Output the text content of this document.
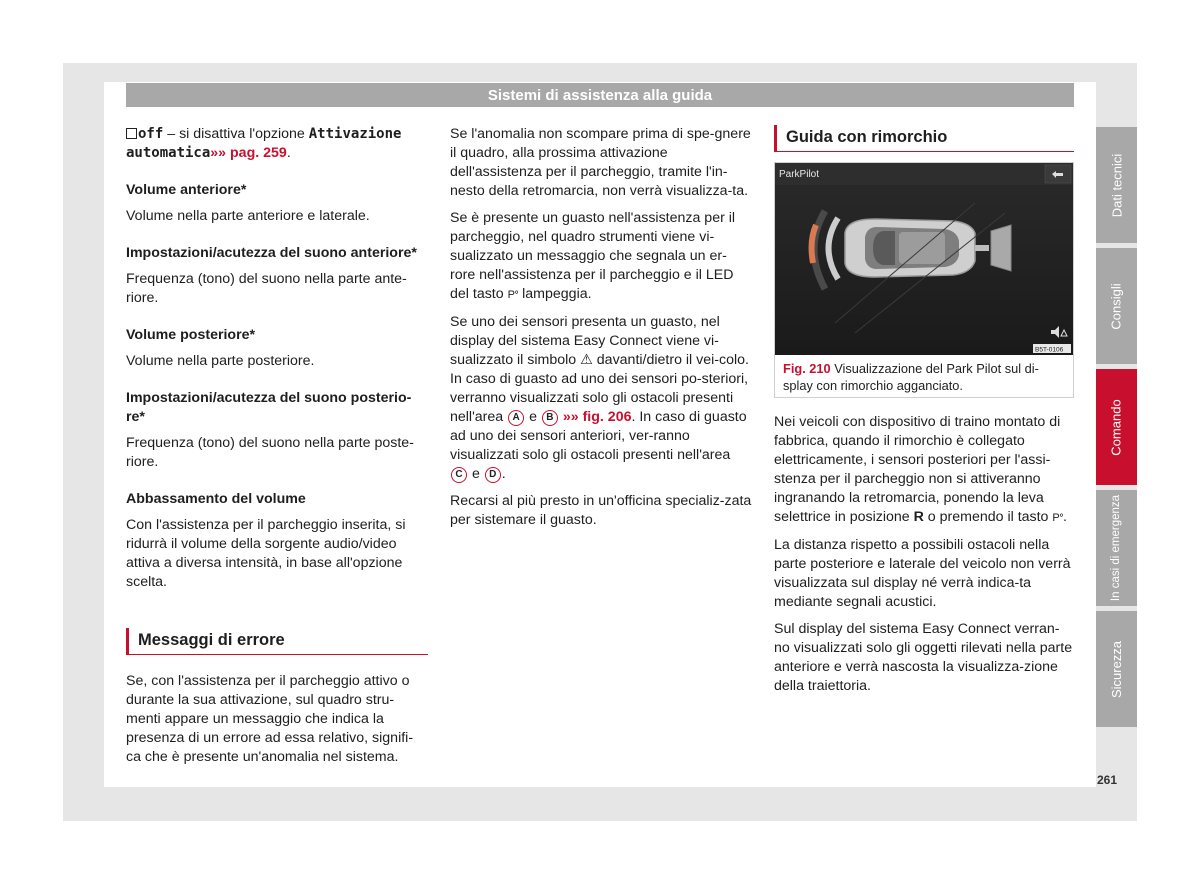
Sistemi di assistenza alla guida

off – si disattiva l'opzione Attivazione automatica»» pag. 259.

Volume anteriore*

Volume nella parte anteriore e laterale.

Impostazioni/acutezza del suono anteriore*

Frequenza (tono) del suono nella parte ante-riore.

Volume posteriore*

Volume nella parte posteriore.

Impostazioni/acutezza del suono posterio-re*

Frequenza (tono) del suono nella parte poste-riore.

Abbassamento del volume

Con l'assistenza per il parcheggio inserita, si ridurrà il volume della sorgente audio/video attiva a diversa intensità, in base all'opzione scelta.

Messaggi di errore

Se, con l'assistenza per il parcheggio attivo o durante la sua attivazione, sul quadro stru-menti appare un messaggio che indica la presenza di un errore ad essa relativo, signifi-ca che è presente un'anomalia nel sistema.

Se l'anomalia non scompare prima di spe-gnere il quadro, alla prossima attivazione dell'assistenza per il parcheggio, tramite l'in-nesto della retromarcia, non verrà visualizza-ta.

Se è presente un guasto nell'assistenza per il parcheggio, nel quadro strumenti viene vi-sualizzato un messaggio che segnala un er-rore nell'assistenza per il parcheggio e il LED del tasto P⁠ᐤ lampeggia.

Se uno dei sensori presenta un guasto, nel display del sistema Easy Connect viene vi-sualizzato il simbolo ⚠ davanti/dietro il vei-colo. In caso di guasto ad uno dei sensori po-steriori, verranno visualizzati solo gli ostacoli presenti nell'area A e B »» fig. 206. In caso di guasto ad uno dei sensori anteriori, ver-ranno visualizzati solo gli ostacoli presenti nell'area C e D .

Recarsi al più presto in un'officina specializ-zata per sistemare il guasto.

Guida con rimorchio
ParkPilot
B5T-0106
Fig. 210 Visualizzazione del Park Pilot sul di-splay con rimorchio agganciato.

Nei veicoli con dispositivo di traino montato di fabbrica, quando il rimorchio è collegato elettricamente, i sensori posteriori per l'assi-stenza per il parcheggio non si attiveranno ingranando la retromarcia, ponendo la leva selettrice in posizione R o premendo il tasto P⁠ᐤ.

La distanza rispetto a possibili ostacoli nella parte posteriore e laterale del veicolo non verrà visualizzata sul display né verrà indica-ta mediante segnali acustici.

Sul display del sistema Easy Connect verran-no visualizzati solo gli oggetti rilevati nella parte anteriore e verrà nascosta la visualizza-zione della traiettoria.

Dati tecnici
Consigli
Comando
In casi di emergenza
Sicurezza
261
